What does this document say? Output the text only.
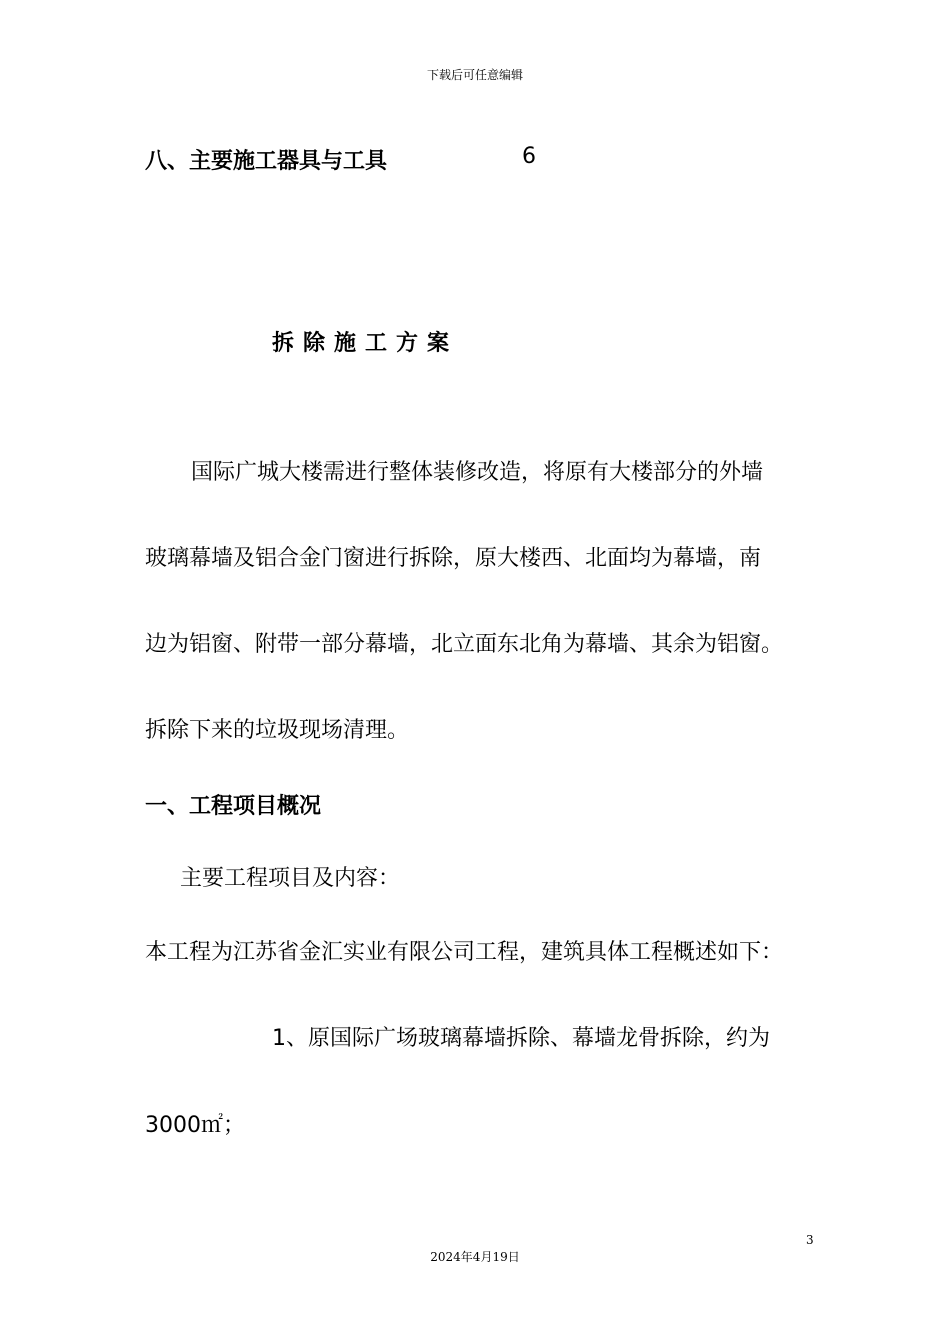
下载后可任意编辑
八、主要施工器具与工具	6
拆除施工方案
国际广城大楼需进行整体装修改造，将原有大楼部分的外墙
玻璃幕墙及铝合金门窗进行拆除，原大楼西、北面均为幕墙，南
边为铝窗、附带一部分幕墙，北立面东北角为幕墙、其余为铝窗。
拆除下来的垃圾现场清理。
一、工程项目概况
主要工程项目及内容：
本工程为江苏省金汇实业有限公司工程，建筑具体工程概述如下：
1、原国际广场玻璃幕墙拆除、幕墙龙骨拆除，约为
3000㎡；
3
2024年4月19日
